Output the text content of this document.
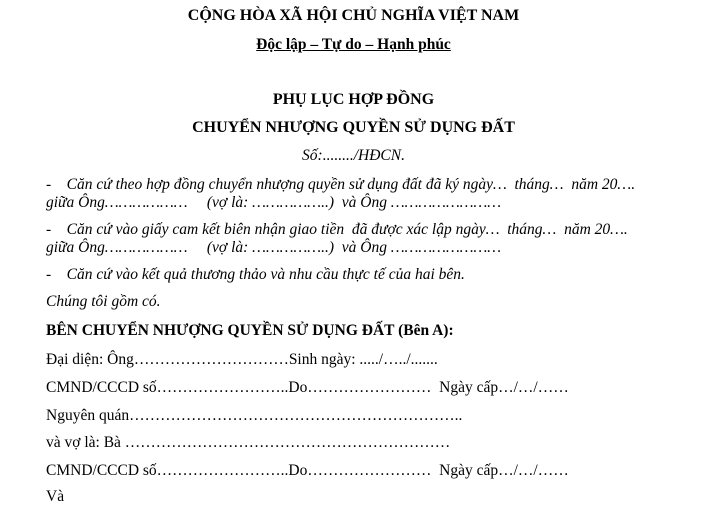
CỘNG HÒA XÃ HỘI CHỦ NGHĨA VIỆT NAM
Độc lập – Tự do – Hạnh phúc
PHỤ LỤC HỢP ĐỒNG
CHUYỂN NHƯỢNG QUYỀN SỬ DỤNG ĐẤT
Số:......../HĐCN.
-    Căn cứ theo hợp đồng chuyển nhượng quyền sử dụng đất đã ký ngày…  tháng…  năm 20….
giữa Ông………………     (vợ là: ……………..)  và Ông ……………………
-    Căn cứ vào giấy cam kết biên nhận giao tiền  đã được xác lập ngày…  tháng…  năm 20….
giữa Ông………………     (vợ là: ……………..)  và Ông ……………………
-    Căn cứ vào kết quả thương thảo và nhu cầu thực tế của hai bên.
Chúng tôi gồm có.
BÊN CHUYỂN NHƯỢNG QUYỀN SỬ DỤNG ĐẤT (Bên A):
Đại diện: Ông…………………………Sinh ngày: ...../…../.......
CMND/CCCD số……………………..Do……………………  Ngày cấp…/…/……
Nguyên quán………………………………………………………..
và vợ là: Bà ………………………………………………………
CMND/CCCD số……………………..Do……………………  Ngày cấp…/…/……
Và
